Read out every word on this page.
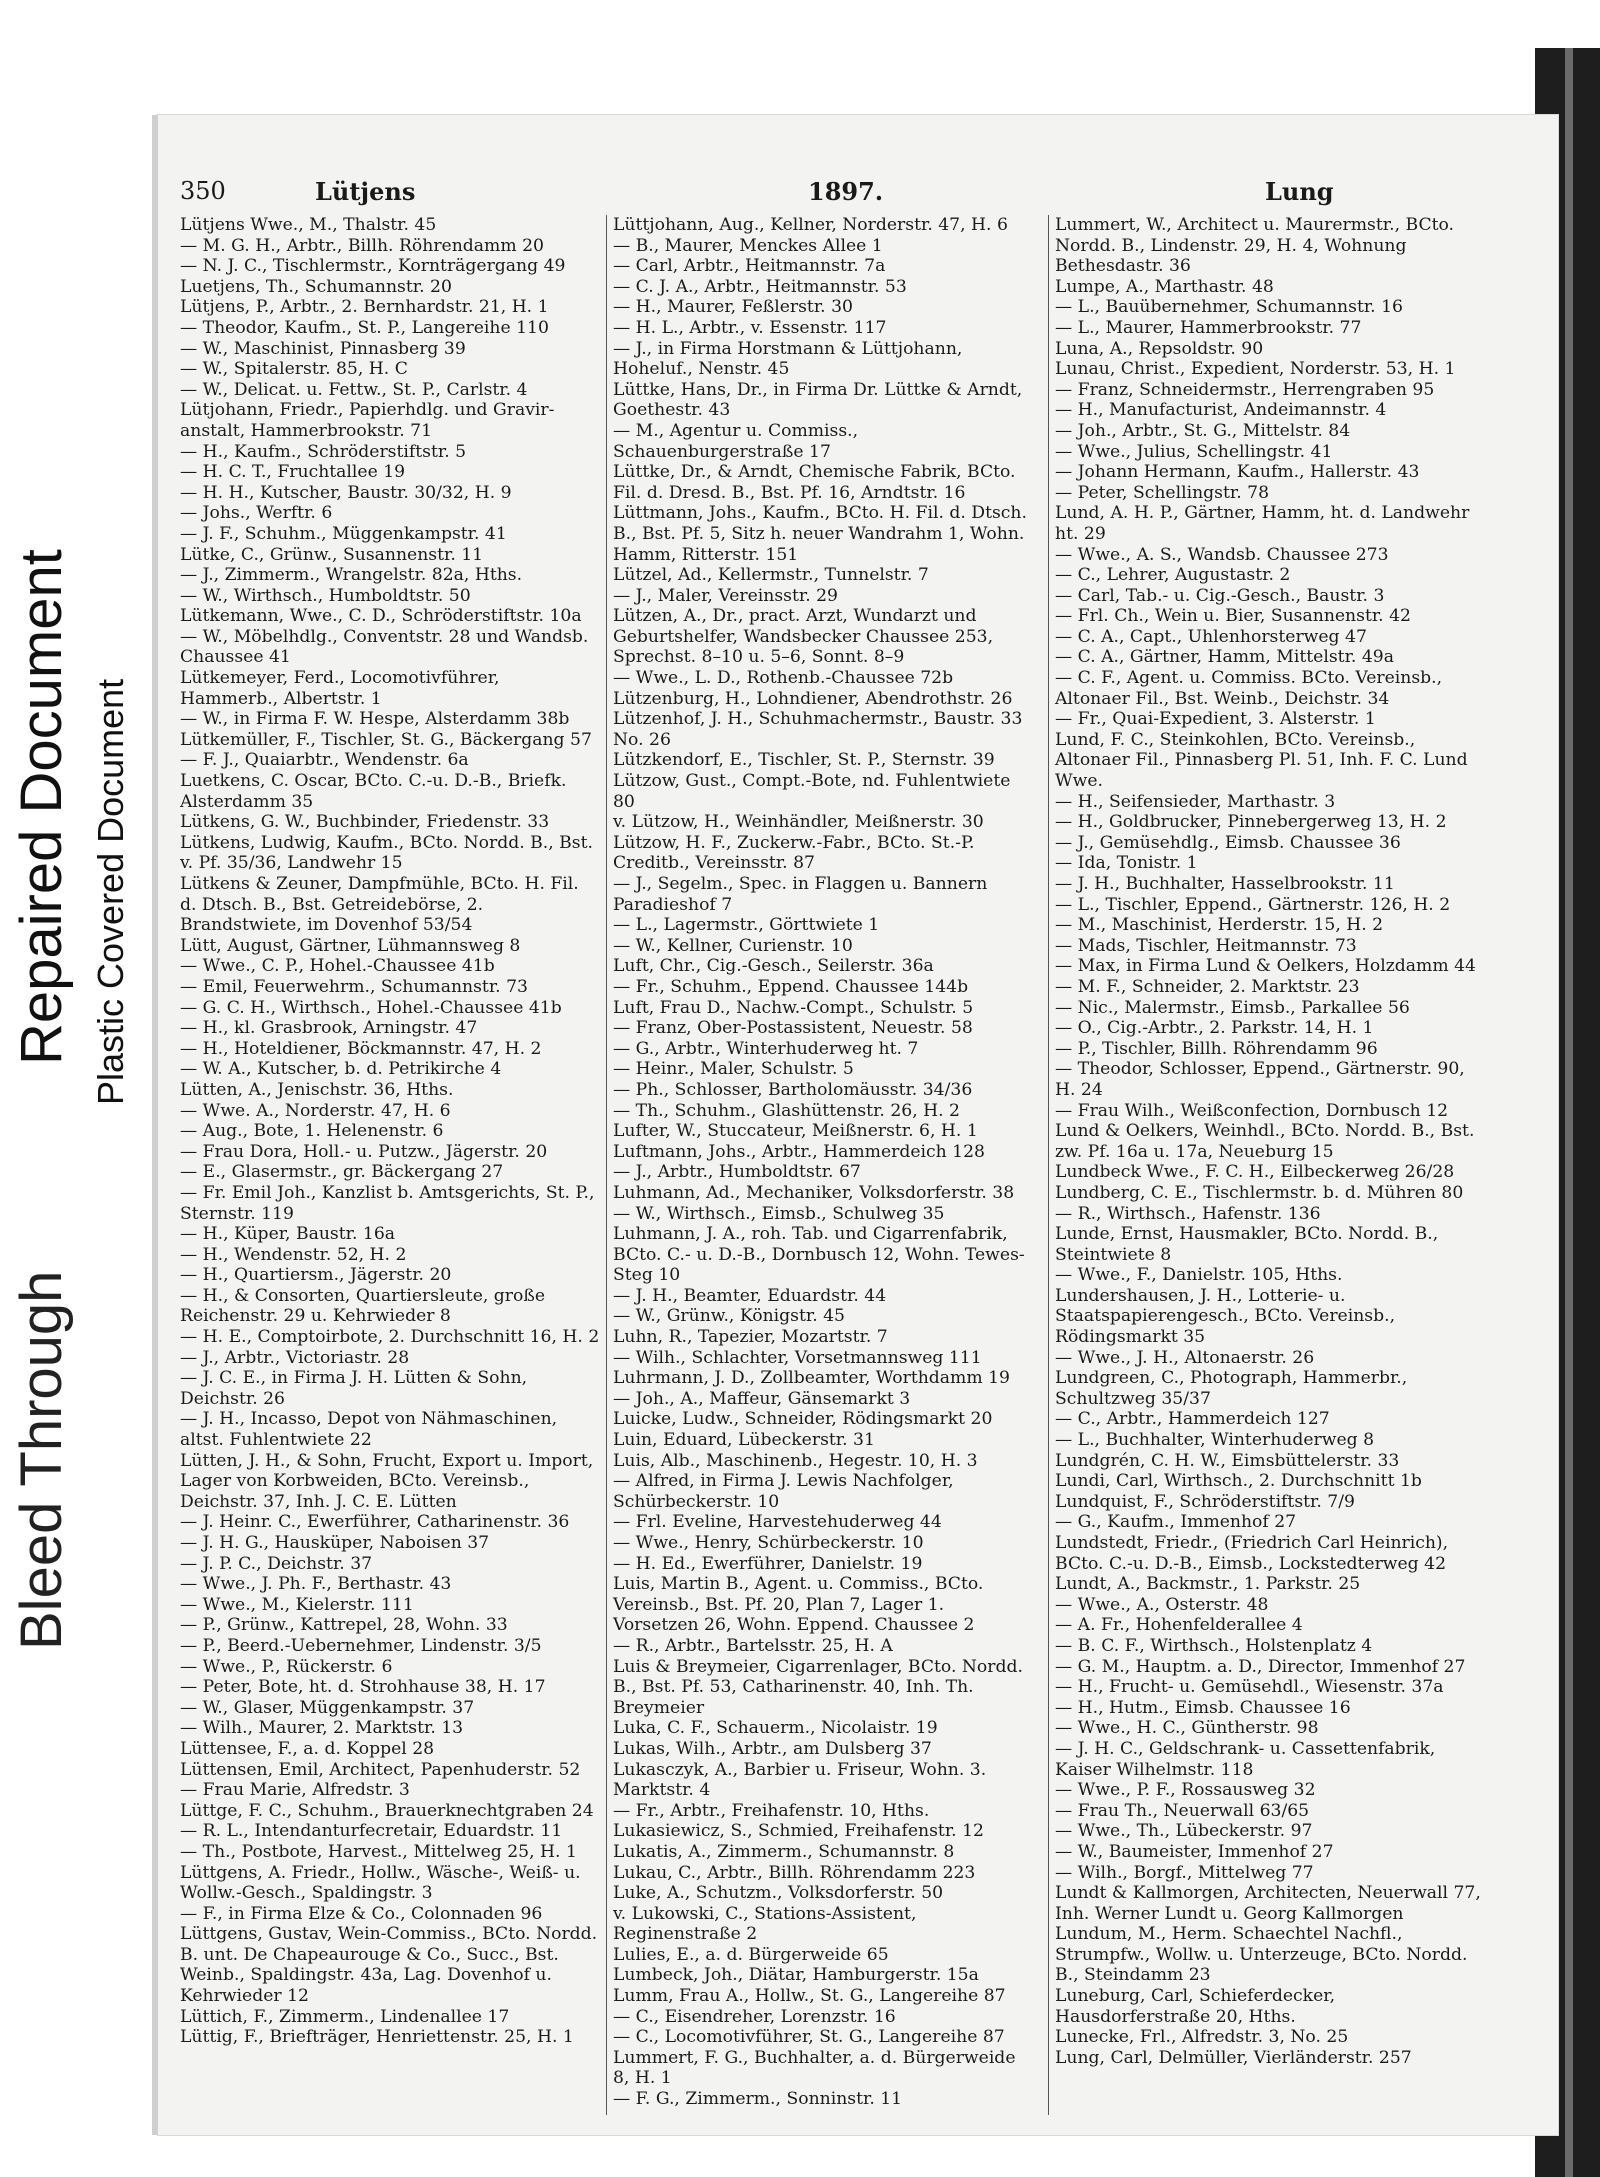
Repaired Document
Bleed Through
Plastic Covered Document
350	Lütjens	1897.	Lung

Lütjens Wwe., M., Thalstr. 45

— M. G. H., Arbtr., Billh. Röhrendamm 20

— N. J. C., Tischlermstr., Kornträgergang 49

Luetjens, Th., Schumannstr. 20

Lütjens, P., Arbtr., 2. Bernhardstr. 21, H. 1

— Theodor, Kaufm., St. P., Langereihe 110

— W., Maschinist, Pinnasberg 39

— W., Spitalerstr. 85, H. C

— W., Delicat. u. Fettw., St. P., Carlstr. 4

Lütjohann, Friedr., Papierhdlg. und Gravir-anstalt, Hammerbrookstr. 71

— H., Kaufm., Schröderstiftstr. 5

— H. C. T., Fruchtallee 19

— H. H., Kutscher, Baustr. 30/32, H. 9

— Johs., Werftr. 6

— J. F., Schuhm., Müggenkampstr. 41

Lütke, C., Grünw., Susannenstr. 11

— J., Zimmerm., Wrangelstr. 82a, Hths.

— W., Wirthsch., Humboldtstr. 50

Lütkemann, Wwe., C. D., Schröderstiftstr. 10a

— W., Möbelhdlg., Conventstr. 28 und Wandsb. Chaussee 41

Lütkemeyer, Ferd., Locomotivführer, Hammerb., Albertstr. 1

— W., in Firma F. W. Hespe, Alsterdamm 38b

Lütkemüller, F., Tischler, St. G., Bäckergang 57

— F. J., Quaiarbtr., Wendenstr. 6a

Luetkens, C. Oscar, BCto. C.-u. D.-B., Briefk. Alsterdamm 35

Lütkens, G. W., Buchbinder, Friedenstr. 33

Lütkens, Ludwig, Kaufm., BCto. Nordd. B., Bst. v. Pf. 35/36, Landwehr 15

Lütkens & Zeuner, Dampfmühle, BCto. H. Fil. d. Dtsch. B., Bst. Getreidebörse, 2. Brandstwiete, im Dovenhof 53/54

Lütt, August, Gärtner, Lühmannsweg 8

— Wwe., C. P., Hohel.-Chaussee 41b

— Emil, Feuerwehrm., Schumannstr. 73

— G. C. H., Wirthsch., Hohel.-Chaussee 41b

— H., kl. Grasbrook, Arningstr. 47

— H., Hoteldiener, Böckmannstr. 47, H. 2

— W. A., Kutscher, b. d. Petrikirche 4

Lütten, A., Jenischstr. 36, Hths.

— Wwe. A., Norderstr. 47, H. 6

— Aug., Bote, 1. Helenenstr. 6

— Frau Dora, Holl.- u. Putzw., Jägerstr. 20

— E., Glasermstr., gr. Bäckergang 27

— Fr. Emil Joh., Kanzlist b. Amtsgerichts, St. P., Sternstr. 119

— H., Küper, Baustr. 16a

— H., Wendenstr. 52, H. 2

— H., Quartiersm., Jägerstr. 20

— H., & Consorten, Quartiersleute, große Reichenstr. 29 u. Kehrwieder 8

— H. E., Comptoirbote, 2. Durchschnitt 16, H. 2

— J., Arbtr., Victoriastr. 28

— J. C. E., in Firma J. H. Lütten & Sohn, Deichstr. 26

— J. H., Incasso, Depot von Nähmaschinen, altst. Fuhlentwiete 22

Lütten, J. H., & Sohn, Frucht, Export u. Import, Lager von Korbweiden, BCto. Vereinsb., Deichstr. 37, Inh. J. C. E. Lütten

— J. Heinr. C., Ewerführer, Catharinenstr. 36

— J. H. G., Hausküper, Naboisen 37

— J. P. C., Deichstr. 37

— Wwe., J. Ph. F., Berthastr. 43

— Wwe., M., Kielerstr. 111

— P., Grünw., Kattrepel, 28, Wohn. 33

— P., Beerd.-Uebernehmer, Lindenstr. 3/5

— Wwe., P., Rückerstr. 6

— Peter, Bote, ht. d. Strohhause 38, H. 17

— W., Glaser, Müggenkampstr. 37

— Wilh., Maurer, 2. Marktstr. 13

Lüttensee, F., a. d. Koppel 28

Lüttensen, Emil, Architect, Papenhuderstr. 52

— Frau Marie, Alfredstr. 3

Lüttge, F. C., Schuhm., Brauerknechtgraben 24

— R. L., Intendanturfecretair, Eduardstr. 11

— Th., Postbote, Harvest., Mittelweg 25, H. 1

Lüttgens, A. Friedr., Hollw., Wäsche-, Weiß- u. Wollw.-Gesch., Spaldingstr. 3

— F., in Firma Elze & Co., Colonnaden 96

Lüttgens, Gustav, Wein-Commiss., BCto. Nordd. B. unt. De Chapeaurouge & Co., Succ., Bst. Weinb., Spaldingstr. 43a, Lag. Dovenhof u. Kehrwieder 12

Lüttich, F., Zimmerm., Lindenallee 17

Lüttig, F., Briefträger, Henriettenstr. 25, H. 1

Lüttjohann, Aug., Kellner, Norderstr. 47, H. 6

— B., Maurer, Menckes Allee 1

— Carl, Arbtr., Heitmannstr. 7a

— C. J. A., Arbtr., Heitmannstr. 53

— H., Maurer, Feßlerstr. 30

— H. L., Arbtr., v. Essenstr. 117

— J., in Firma Horstmann & Lüttjohann, Hoheluf., Nenstr. 45

Lüttke, Hans, Dr., in Firma Dr. Lüttke & Arndt, Goethestr. 43

— M., Agentur u. Commiss., Schauenburgerstraße 17

Lüttke, Dr., & Arndt, Chemische Fabrik, BCto. Fil. d. Dresd. B., Bst. Pf. 16, Arndtstr. 16

Lüttmann, Johs., Kaufm., BCto. H. Fil. d. Dtsch. B., Bst. Pf. 5, Sitz h. neuer Wandrahm 1, Wohn. Hamm, Ritterstr. 151

Lützel, Ad., Kellermstr., Tunnelstr. 7

— J., Maler, Vereinsstr. 29

Lützen, A., Dr., pract. Arzt, Wundarzt und Geburtshelfer, Wandsbecker Chaussee 253, Sprechst. 8–10 u. 5–6, Sonnt. 8–9

— Wwe., L. D., Rothenb.-Chaussee 72b

Lützenburg, H., Lohndiener, Abendrothstr. 26

Lützenhof, J. H., Schuhmachermstr., Baustr. 33 No. 26

Lützkendorf, E., Tischler, St. P., Sternstr. 39

Lützow, Gust., Compt.-Bote, nd. Fuhlentwiete 80

v. Lützow, H., Weinhändler, Meißnerstr. 30

Lützow, H. F., Zuckerw.-Fabr., BCto. St.-P. Creditb., Vereinsstr. 87

— J., Segelm., Spec. in Flaggen u. Bannern Paradieshof 7

— L., Lagermstr., Görttwiete 1

— W., Kellner, Curienstr. 10

Luft, Chr., Cig.-Gesch., Seilerstr. 36a

— Fr., Schuhm., Eppend. Chaussee 144b

Luft, Frau D., Nachw.-Compt., Schulstr. 5

— Franz, Ober-Postassistent, Neuestr. 58

— G., Arbtr., Winterhuderweg ht. 7

— Heinr., Maler, Schulstr. 5

— Ph., Schlosser, Bartholomäusstr. 34/36

— Th., Schuhm., Glashüttenstr. 26, H. 2

Lufter, W., Stuccateur, Meißnerstr. 6, H. 1

Luftmann, Johs., Arbtr., Hammerdeich 128

— J., Arbtr., Humboldtstr. 67

Luhmann, Ad., Mechaniker, Volksdorferstr. 38

— W., Wirthsch., Eimsb., Schulweg 35

Luhmann, J. A., roh. Tab. und Cigarrenfabrik, BCto. C.- u. D.-B., Dornbusch 12, Wohn. Tewes-Steg 10

— J. H., Beamter, Eduardstr. 44

— W., Grünw., Königstr. 45

Luhn, R., Tapezier, Mozartstr. 7

— Wilh., Schlachter, Vorsetmannsweg 111

Luhrmann, J. D., Zollbeamter, Worthdamm 19

— Joh., A., Maffeur, Gänsemarkt 3

Luicke, Ludw., Schneider, Rödingsmarkt 20

Luin, Eduard, Lübeckerstr. 31

Luis, Alb., Maschinenb., Hegestr. 10, H. 3

— Alfred, in Firma J. Lewis Nachfolger, Schürbeckerstr. 10

— Frl. Eveline, Harvestehuderweg 44

— Wwe., Henry, Schürbeckerstr. 10

— H. Ed., Ewerführer, Danielstr. 19

Luis, Martin B., Agent. u. Commiss., BCto. Vereinsb., Bst. Pf. 20, Plan 7, Lager 1. Vorsetzen 26, Wohn. Eppend. Chaussee 2

— R., Arbtr., Bartelsstr. 25, H. A

Luis & Breymeier, Cigarrenlager, BCto. Nordd. B., Bst. Pf. 53, Catharinenstr. 40, Inh. Th. Breymeier

Luka, C. F., Schauerm., Nicolaistr. 19

Lukas, Wilh., Arbtr., am Dulsberg 37

Lukasczyk, A., Barbier u. Friseur, Wohn. 3. Marktstr. 4

— Fr., Arbtr., Freihafenstr. 10, Hths.

Lukasiewicz, S., Schmied, Freihafenstr. 12

Lukatis, A., Zimmerm., Schumannstr. 8

Lukau, C., Arbtr., Billh. Röhrendamm 223

Luke, A., Schutzm., Volksdorferstr. 50

v. Lukowski, C., Stations-Assistent, Reginenstraße 2

Lulies, E., a. d. Bürgerweide 65

Lumbeck, Joh., Diätar, Hamburgerstr. 15a

Lumm, Frau A., Hollw., St. G., Langereihe 87

— C., Eisendreher, Lorenzstr. 16

— C., Locomotivführer, St. G., Langereihe 87

Lummert, F. G., Buchhalter, a. d. Bürgerweide 8, H. 1

— F. G., Zimmerm., Sonninstr. 11

Lummert, W., Architect u. Maurermstr., BCto. Nordd. B., Lindenstr. 29, H. 4, Wohnung Bethesdastr. 36

Lumpe, A., Marthastr. 48

— L., Bauübernehmer, Schumannstr. 16

— L., Maurer, Hammerbrookstr. 77

Luna, A., Repsoldstr. 90

Lunau, Christ., Expedient, Norderstr. 53, H. 1

— Franz, Schneidermstr., Herrengraben 95

— H., Manufacturist, Andeimannstr. 4

— Joh., Arbtr., St. G., Mittelstr. 84

— Wwe., Julius, Schellingstr. 41

— Johann Hermann, Kaufm., Hallerstr. 43

— Peter, Schellingstr. 78

Lund, A. H. P., Gärtner, Hamm, ht. d. Landwehr ht. 29

— Wwe., A. S., Wandsb. Chaussee 273

— C., Lehrer, Augustastr. 2

— Carl, Tab.- u. Cig.-Gesch., Baustr. 3

— Frl. Ch., Wein u. Bier, Susannenstr. 42

— C. A., Capt., Uhlenhorsterweg 47

— C. A., Gärtner, Hamm, Mittelstr. 49a

— C. F., Agent. u. Commiss. BCto. Vereinsb., Altonaer Fil., Bst. Weinb., Deichstr. 34

— Fr., Quai-Expedient, 3. Alsterstr. 1

Lund, F. C., Steinkohlen, BCto. Vereinsb., Altonaer Fil., Pinnasberg Pl. 51, Inh. F. C. Lund Wwe.

— H., Seifensieder, Marthastr. 3

— H., Goldbrucker, Pinnebergerweg 13, H. 2

— J., Gemüsehdlg., Eimsb. Chaussee 36

— Ida, Tonistr. 1

— J. H., Buchhalter, Hasselbrookstr. 11

— L., Tischler, Eppend., Gärtnerstr. 126, H. 2

— M., Maschinist, Herderstr. 15, H. 2

— Mads, Tischler, Heitmannstr. 73

— Max, in Firma Lund & Oelkers, Holzdamm 44

— M. F., Schneider, 2. Marktstr. 23

— Nic., Malermstr., Eimsb., Parkallee 56

— O., Cig.-Arbtr., 2. Parkstr. 14, H. 1

— P., Tischler, Billh. Röhrendamm 96

— Theodor, Schlosser, Eppend., Gärtnerstr. 90, H. 24

— Frau Wilh., Weißconfection, Dornbusch 12

Lund & Oelkers, Weinhdl., BCto. Nordd. B., Bst. zw. Pf. 16a u. 17a, Neueburg 15

Lundbeck Wwe., F. C. H., Eilbeckerweg 26/28

Lundberg, C. E., Tischlermstr. b. d. Mühren 80

— R., Wirthsch., Hafenstr. 136

Lunde, Ernst, Hausmakler, BCto. Nordd. B., Steintwiete 8

— Wwe., F., Danielstr. 105, Hths.

Lundershausen, J. H., Lotterie- u. Staatspapierengesch., BCto. Vereinsb., Rödingsmarkt 35

— Wwe., J. H., Altonaerstr. 26

Lundgreen, C., Photograph, Hammerbr., Schultzweg 35/37

— C., Arbtr., Hammerdeich 127

— L., Buchhalter, Winterhuderweg 8

Lundgrén, C. H. W., Eimsbüttelerstr. 33

Lundi, Carl, Wirthsch., 2. Durchschnitt 1b

Lundquist, F., Schröderstiftstr. 7/9

— G., Kaufm., Immenhof 27

Lundstedt, Friedr., (Friedrich Carl Heinrich), BCto. C.-u. D.-B., Eimsb., Lockstedterweg 42

Lundt, A., Backmstr., 1. Parkstr. 25

— Wwe., A., Osterstr. 48

— A. Fr., Hohenfelderallee 4

— B. C. F., Wirthsch., Holstenplatz 4

— G. M., Hauptm. a. D., Director, Immenhof 27

— H., Frucht- u. Gemüsehdl., Wiesenstr. 37a

— H., Hutm., Eimsb. Chaussee 16

— Wwe., H. C., Güntherstr. 98

— J. H. C., Geldschrank- u. Cassettenfabrik, Kaiser Wilhelmstr. 118

— Wwe., P. F., Rossausweg 32

— Frau Th., Neuerwall 63/65

— Wwe., Th., Lübeckerstr. 97

— W., Baumeister, Immenhof 27

— Wilh., Borgf., Mittelweg 77

Lundt & Kallmorgen, Architecten, Neuerwall 77, Inh. Werner Lundt u. Georg Kallmorgen

Lundum, M., Herm. Schaechtel Nachfl., Strumpfw., Wollw. u. Unterzeuge, BCto. Nordd. B., Steindamm 23

Luneburg, Carl, Schieferdecker, Hausdorferstraße 20, Hths.

Lunecke, Frl., Alfredstr. 3, No. 25

Lung, Carl, Delmüller, Vierländerstr. 257
